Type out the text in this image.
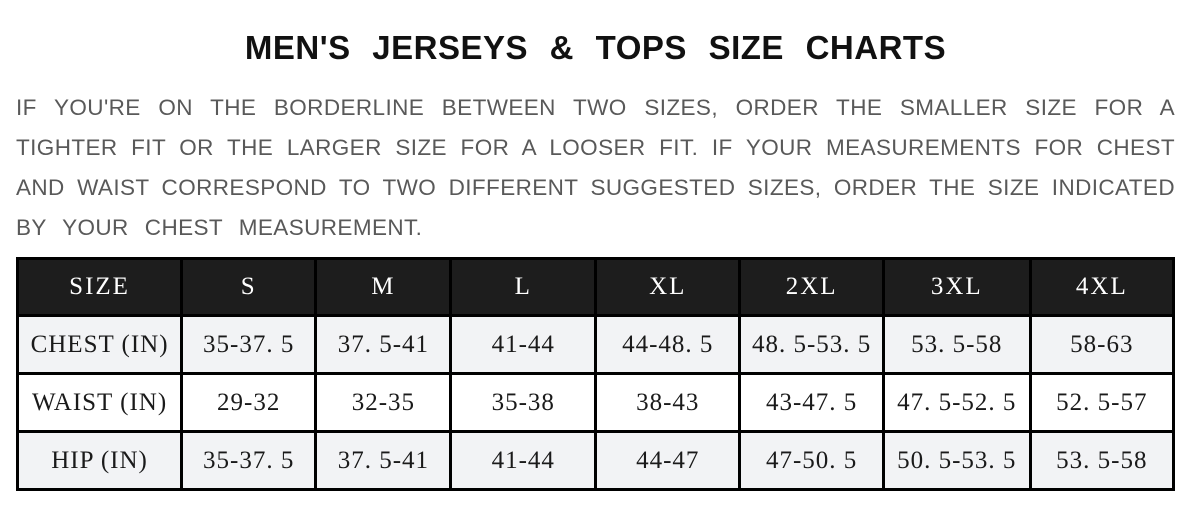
MEN'S JERSEYS & TOPS SIZE CHARTS

IF YOU'RE ON THE BORDERLINE BETWEEN TWO SIZES, ORDER THE SMALLER SIZE FOR A

TIGHTER FIT OR THE LARGER SIZE FOR A LOOSER FIT. IF YOUR MEASUREMENTS FOR CHEST

AND WAIST CORRESPOND TO TWO DIFFERENT SUGGESTED SIZES, ORDER THE SIZE INDICATED

BY YOUR CHEST MEASUREMENT.

SIZE	S	M	L	XL	2XL	3XL	4XL
CHEST (IN)	35-37. 5	37. 5-41	41-44	44-48. 5	48. 5-53. 5	53. 5-58	58-63
WAIST (IN)	29-32	32-35	35-38	38-43	43-47. 5	47. 5-52. 5	52. 5-57
HIP (IN)	35-37. 5	37. 5-41	41-44	44-47	47-50. 5	50. 5-53. 5	53. 5-58
